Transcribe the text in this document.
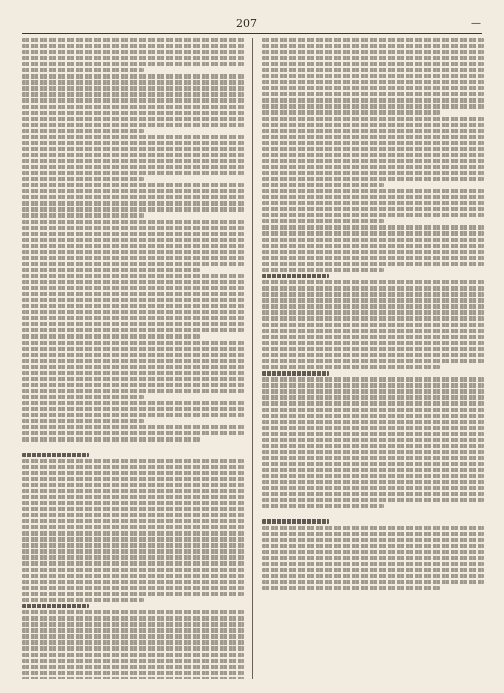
207	—
